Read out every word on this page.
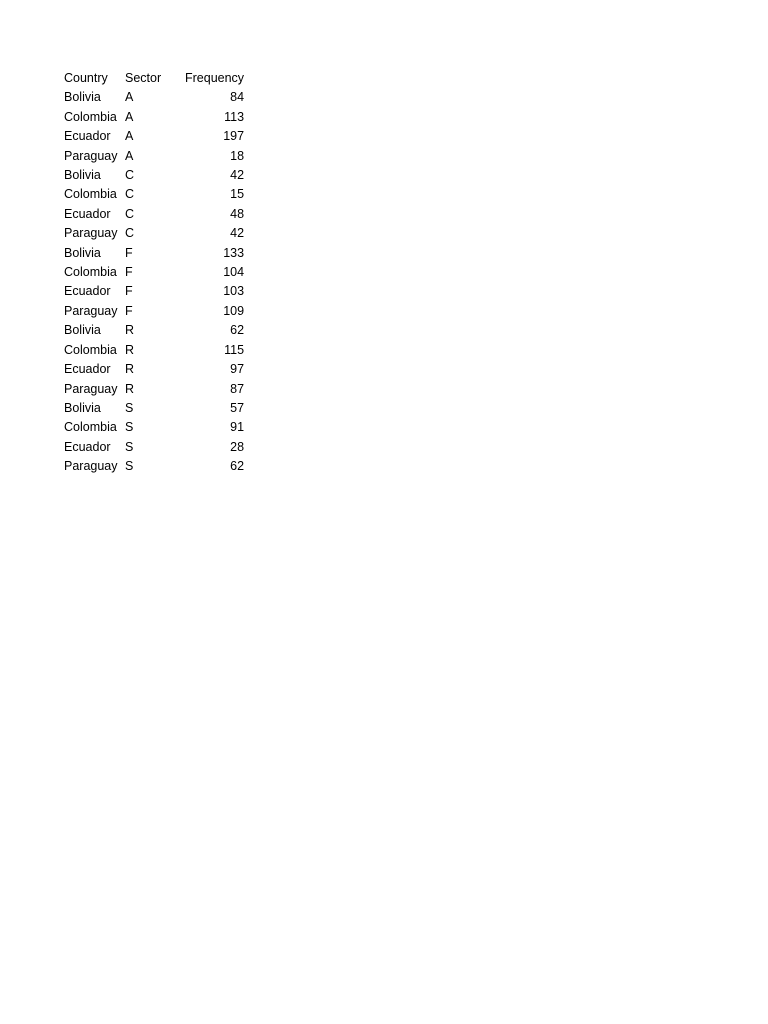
Country	Sector	Frequency
Bolivia	A	84
Colombia	A	113
Ecuador	A	197
Paraguay	A	18
Bolivia	C	42
Colombia	C	15
Ecuador	C	48
Paraguay	C	42
Bolivia	F	133
Colombia	F	104
Ecuador	F	103
Paraguay	F	109
Bolivia	R	62
Colombia	R	115
Ecuador	R	97
Paraguay	R	87
Bolivia	S	57
Colombia	S	91
Ecuador	S	28
Paraguay	S	62
